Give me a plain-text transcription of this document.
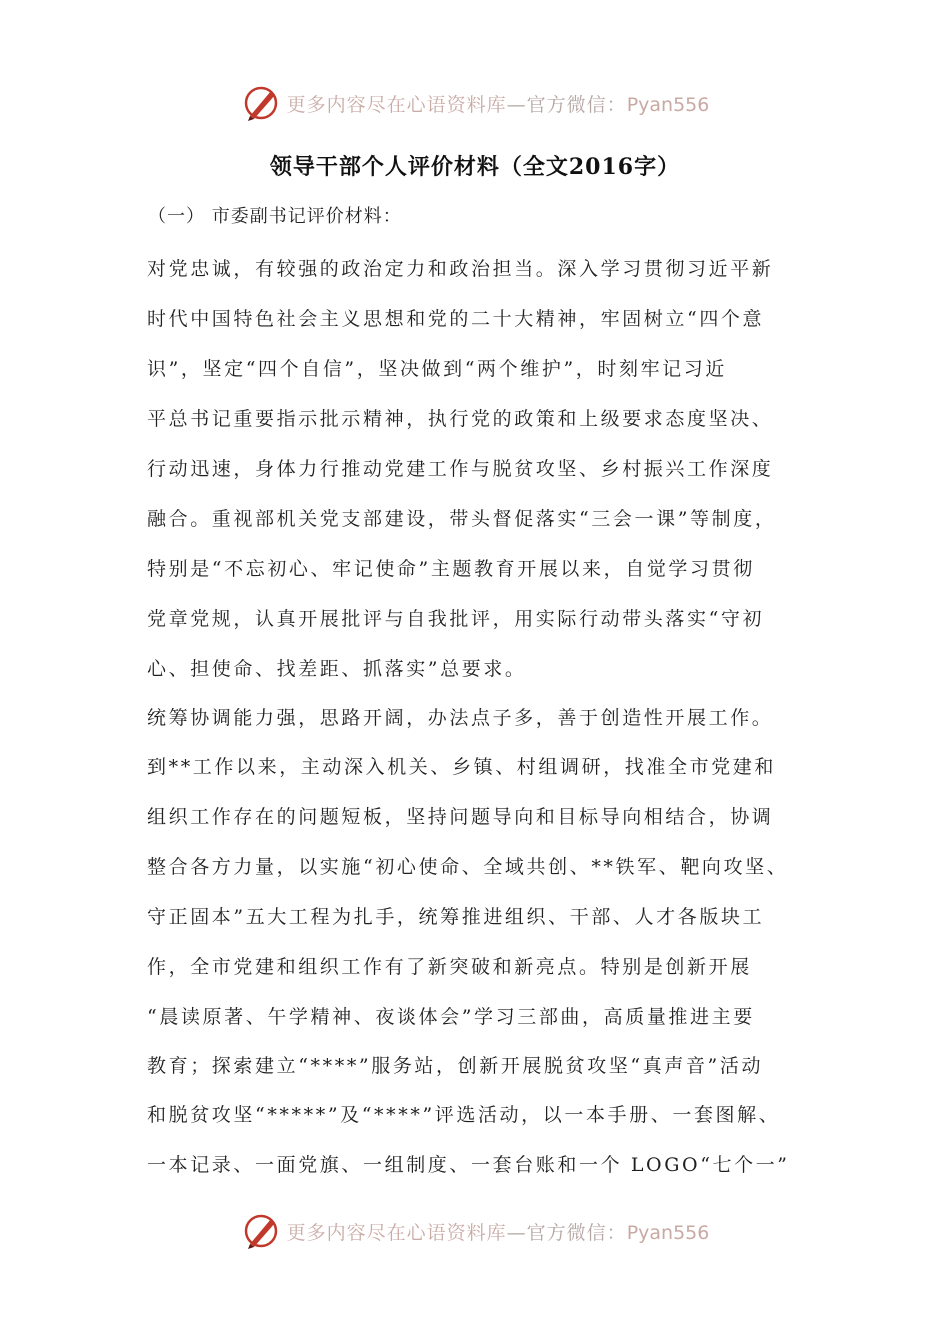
更多内容尽在心语资料库—官方微信：Pyan556
领导干部个人评价材料（全文2016字）
（一） 市委副书记评价材料：
对党忠诚，有较强的政治定力和政治担当。深入学习贯彻习近平新
时代中国特色社会主义思想和党的二十大精神，牢固树立“四个意
识”，坚定“四个自信”，坚决做到“两个维护”，时刻牢记习近
平总书记重要指示批示精神，执行党的政策和上级要求态度坚决、
行动迅速，身体力行推动党建工作与脱贫攻坚、乡村振兴工作深度
融合。重视部机关党支部建设，带头督促落实“三会一课”等制度，
特别是“不忘初心、牢记使命”主题教育开展以来，自觉学习贯彻
党章党规，认真开展批评与自我批评，用实际行动带头落实“守初
心、担使命、找差距、抓落实”总要求。
统筹协调能力强，思路开阔，办法点子多，善于创造性开展工作。
到**工作以来，主动深入机关、乡镇、村组调研，找准全市党建和
组织工作存在的问题短板，坚持问题导向和目标导向相结合，协调
整合各方力量，以实施“初心使命、全域共创、**铁军、靶向攻坚、
守正固本”五大工程为扎手，统筹推进组织、干部、人才各版块工
作，全市党建和组织工作有了新突破和新亮点。特别是创新开展
“晨读原著、午学精神、夜谈体会”学习三部曲，高质量推进主要
教育；探索建立“****”服务站，创新开展脱贫攻坚“真声音”活动
和脱贫攻坚“*****”及“****”评选活动，以一本手册、一套图解、
一本记录、一面党旗、一组制度、一套台账和一个 LOGO“七个一”
更多内容尽在心语资料库—官方微信：Pyan556
